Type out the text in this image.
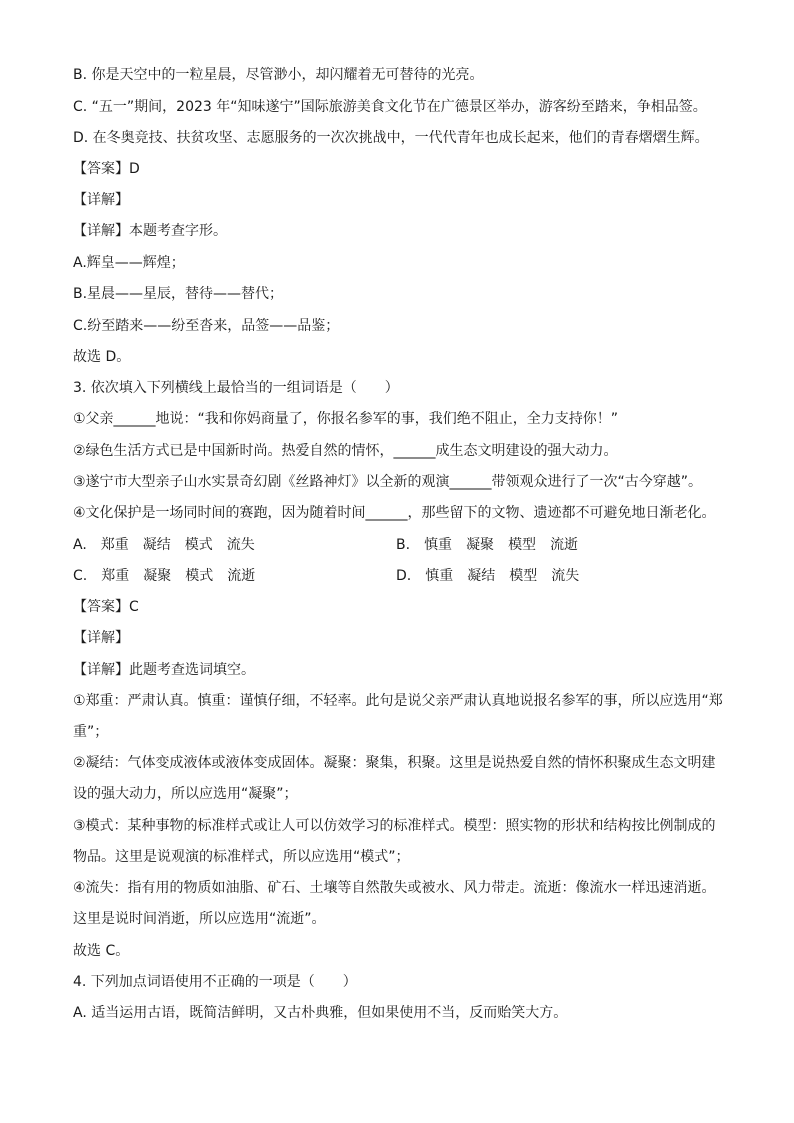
B. 你是天空中的一粒星晨，尽管渺小，却闪耀着无可替待的光亮。
C. “五一”期间，2023 年“知味遂宁”国际旅游美食文化节在广德景区举办，游客纷至踏来，争相品签。
D. 在冬奥竞技、扶贫攻坚、志愿服务的一次次挑战中，一代代青年也成长起来，他们的青春熠熠生辉。
【答案】D
【详解】
【详解】本题考查字形。
A.辉皇——辉煌；
B.星晨——星辰，替待——替代；
C.纷至踏来——纷至沓来，品签——品鉴；
故选 D。
3. 依次填入下列横线上最恰当的一组词语是（　　）
①父亲______地说：“我和你妈商量了，你报名参军的事，我们绝不阻止，全力支持你！”
②绿色生活方式已是中国新时尚。热爱自然的情怀，______成生态文明建设的强大动力。
③遂宁市大型亲子山水实景奇幻剧《丝路神灯》以全新的观演______带领观众进行了一次“古今穿越”。
④文化保护是一场同时间的赛跑，因为随着时间______，那些留下的文物、遗迹都不可避免地日渐老化。
A. 郑重 凝结 模式 流失	B. 慎重 凝聚 模型 流逝
C. 郑重 凝聚 模式 流逝	D. 慎重 凝结 模型 流失
【答案】C
【详解】
【详解】此题考查选词填空。
①郑重：严肃认真。慎重：谨慎仔细，不轻率。此句是说父亲严肃认真地说报名参军的事，所以应选用“郑
重”；
②凝结：气体变成液体或液体变成固体。凝聚：聚集，积聚。这里是说热爱自然的情怀积聚成生态文明建
设的强大动力，所以应选用“凝聚”；
③模式：某种事物的标准样式或让人可以仿效学习的标准样式。模型：照实物的形状和结构按比例制成的
物品。这里是说观演的标准样式，所以应选用“模式”；
④流失：指有用的物质如油脂、矿石、土壤等自然散失或被水、风力带走。流逝：像流水一样迅速消逝。
这里是说时间消逝，所以应选用“流逝”。
故选 C。
4. 下列加点词语使用不正确的一项是（　　）
A. 适当运用古语，既简洁鲜明，又古朴典雅，但如果使用不当，反而贻笑大方。
